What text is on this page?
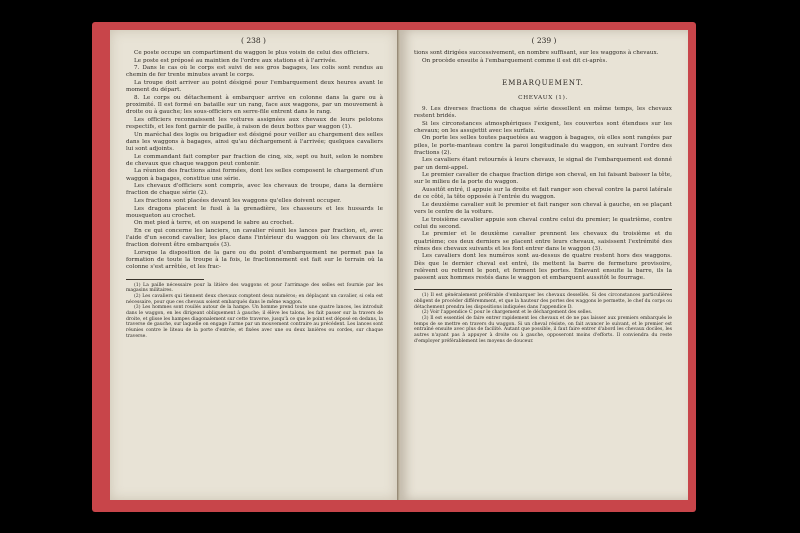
( 238 )

Ce poste occupe un compartiment du waggon le plus voisin de celui des officiers.

Le poste est préposé au maintien de l'ordre aux stations et à l'arrivée.

7. Dans le cas où le corps est suivi de ses gros bagages, les colis sont rendus au chemin de fer trente minutes avant le corps.

La troupe doit arriver au point désigné pour l'embarquement deux heures avant le moment du départ.

8. Le corps ou détachement à embarquer arrive en colonne dans la gare ou à proximité. Il est formé en bataille sur un rang, face aux waggons, par un mouvement à droite ou à gauche; les sous-officiers en serre-file entrent dans le rang.

Les officiers reconnaissent les voitures assignées aux chevaux de leurs pelotons respectifs, et les font garnir de paille, à raison de deux bottes par waggon (1).

Un maréchal des logis ou brigadier est désigné pour veiller au chargement des selles dans les waggons à bagages, ainsi qu'au déchargement à l'arrivée; quelques cavaliers lui sont adjoints.

Le commandant fait compter par fraction de cinq, six, sept ou huit, selon le nombre de chevaux que chaque waggon peut contenir.

La réunion des fractions ainsi formées, dont les selles composent le chargement d'un waggon à bagages, constitue une série.

Les chevaux d'officiers sont compris, avec les chevaux de troupe, dans la dernière fraction de chaque série (2).

Les fractions sont placées devant les waggons qu'elles doivent occuper.

Les dragons placent le fusil à la grenadière, les chasseurs et les hussards le mousqueton au crochet.

On met pied à terre, et on suspend le sabre au crochet.

En ce qui concerne les lanciers, un cavalier réunit les lances par fraction, et, avec l'aide d'un second cavalier, les place dans l'intérieur du waggon où les chevaux de la fraction doivent être embarqués (3).

Lorsque la disposition de la gare ou du point d'embarquement ne permet pas la formation de toute la troupe à la fois, le fractionnement est fait sur le terrain où la colonne s'est arrêtée, et les frac-

(1) La paille nécessaire pour la litière des waggons et pour l'arrimage des selles est fournie par les magasins militaires.

(2) Les cavaliers qui tiennent deux chevaux comptent deux numéros; en déplaçant un cavalier, si cela est nécessaire, pour que ces chevaux soient embarqués dans le même waggon.

(3) Les hommes sont rouilés autour de la hampe. Un homme prend toute une quatre lances, les introduit dans le waggon, en les dirigeant obliquement à gauche; il élève les talons, les fait passer sur la travers de droite, et glisse les hampes diagonalement sur cette traverse, jusqu'à ce que le point est déposé en dedans, la traverse de gauche, sur laquelle on engage l'arme par un mouvement contraire au précédent. Les lances sont réunies contre le liteau de la porte d'entrée, et fixées avec une ou deux lanières ou cordes, sur chaque traverse.

( 239 )

tions sont dirigées successivement, en nombre suffisant, sur les waggons à chevaux.

On procède ensuite à l'embarquement comme il est dit ci-après.

EMBARQUEMENT.
CHEVAUX (1).

9. Les diverses fractions de chaque série dessellent en même temps, les chevaux restent bridés.

Si les circonstances atmosphériques l'exigent, les couvertes sont étendues sur les chevaux; on les assujettit avec les surfaix.

On porte les selles toutes paquetées au waggon à bagages, où elles sont rangées par piles, le porte-manteau contre la paroi longitudinale du waggon, en suivant l'ordre des fractions (2).

Les cavaliers étant retournés à leurs chevaux, le signal de l'embarquement est donné par un demi-appel.

Le premier cavalier de chaque fraction dirige son cheval, en lui faisant baisser la tête, sur le milieu de la porte du waggon.

Aussitôt entré, il appuie sur la droite et fait ranger son cheval contre la paroi latérale de ce côté, la tête opposée à l'entrée du waggon.

Le deuxième cavalier suit le premier et fait ranger son cheval à gauche, en se plaçant vers le centre de la voiture.

Le troisième cavalier appuie son cheval contre celui du premier; le quatrième, contre celui du second.

Le premier et le deuxième cavalier prennent les chevaux du troisième et du quatrième; ces deux derniers se placent entre leurs chevaux, saisissent l'extrémité des rênes des chevaux suivants et les font entrer dans le waggon (3).

Les cavaliers dont les numéros sont au-dessus de quatre restent hors des waggons. Dès que le dernier cheval est entré, ils mettent la barre de fermeture provisoire, relèvent ou retirent le pont, et ferment les portes. Enlevant ensuite la barre, ils la passent aux hommes restés dans le waggon et embarquent aussitôt le fourrage.

(1) Il est généralement préférable d'embarquer les chevaux dessellés. Si des circonstances particulières obligent de procéder différemment, et que la hauteur des portes des waggons le permette, le chef du corps ou détachement prendra les dispositions indiquées dans l'appendice D.

(2) Voir l'appendice C pour le chargement et le déchargement des selles.

(3) Il est essentiel de faire entrer rapidement les chevaux et de ne pas laisser aux premiers embarqués le temps de se mettre en travers du waggon. Si un cheval résiste, on fait avancer le suivant, et le premier est entraîné ensuite avec plus de facilité. Autant que possible, il faut faire entrer d'abord les chevaux dociles, les autres n'ayant pas à appuyer à droite ou à gauche, opposeront moins d'efforts. Il conviendra du reste d'employer préférablement les moyens de douceur.
